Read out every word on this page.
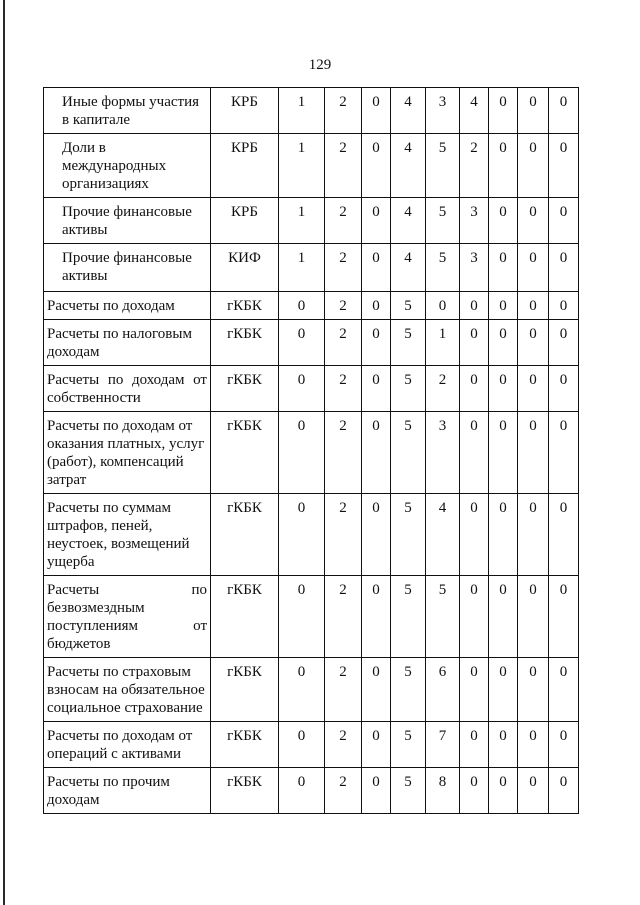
129
Иные формы участия в капитале	КРБ	1	2	0	4	3	4	0	0	0
Доли в международных организациях	КРБ	1	2	0	4	5	2	0	0	0
Прочие финансовые активы	КРБ	1	2	0	4	5	3	0	0	0
Прочие финансовые активы	КИФ	1	2	0	4	5	3	0	0	0
Расчеты по доходам	гКБК	0	2	0	5	0	0	0	0	0
Расчеты по налоговым доходам	гКБК	0	2	0	5	1	0	0	0	0
Расчеты по доходам от собственности	гКБК	0	2	0	5	2	0	0	0	0
Расчеты по доходам от оказания платных, услуг (работ), компенсаций затрат	гКБК	0	2	0	5	3	0	0	0	0
Расчеты по суммам штрафов, пеней, неустоек, возмещений ущерба	гКБК	0	2	0	5	4	0	0	0	0
Расчеты по безвозмездным поступлениям от бюджетов	гКБК	0	2	0	5	5	0	0	0	0
Расчеты по страховым взносам на обязательное социальное страхование	гКБК	0	2	0	5	6	0	0	0	0
Расчеты по доходам от операций с активами	гКБК	0	2	0	5	7	0	0	0	0
Расчеты по прочим доходам	гКБК	0	2	0	5	8	0	0	0	0
